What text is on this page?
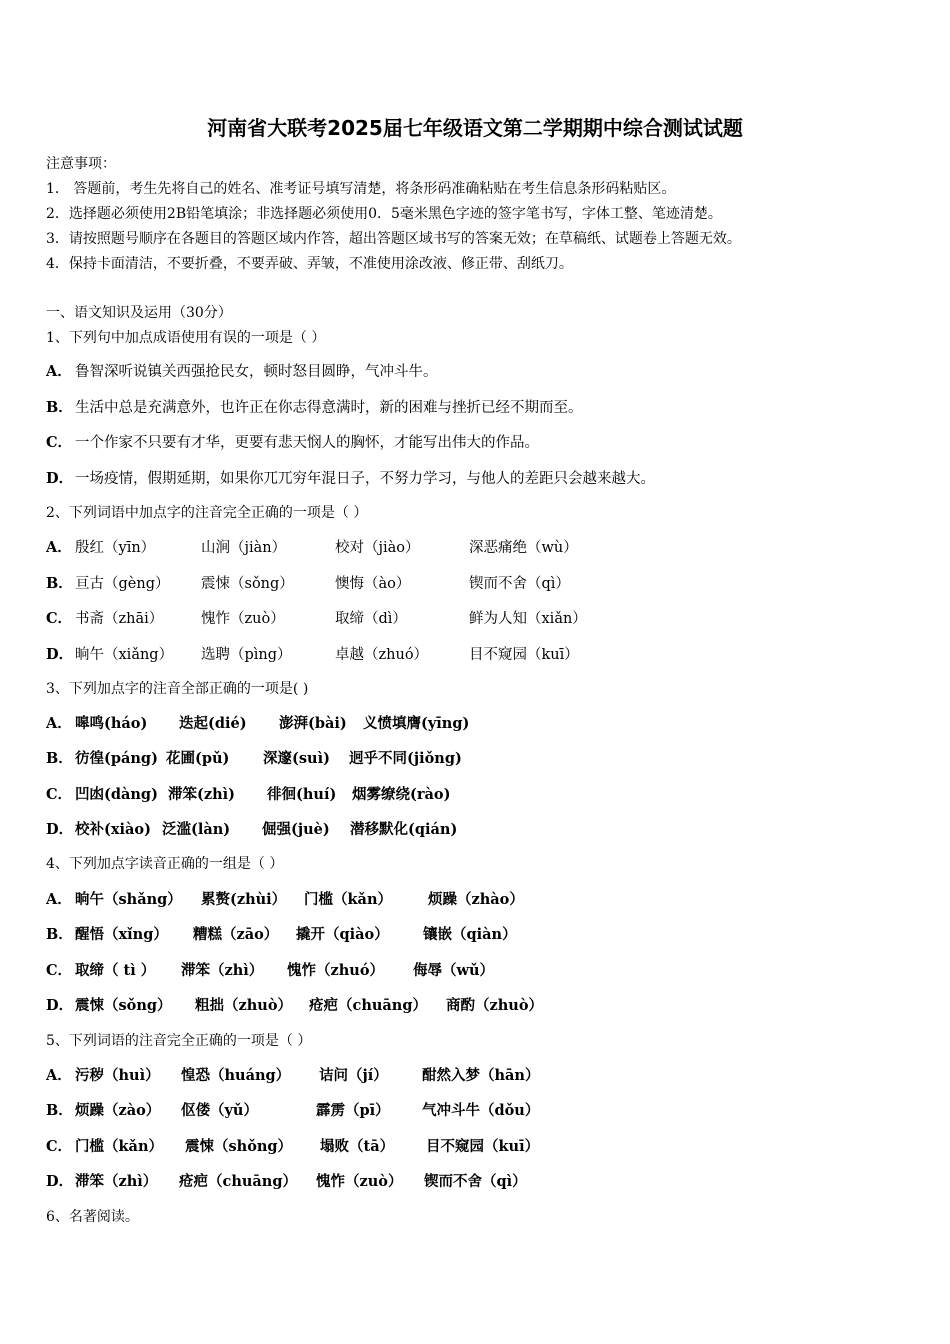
河南省大联考2025届七年级语文第二学期期中综合测试试题
注意事项：
1． 答题前，考生先将自己的姓名、准考证号填写清楚，将条形码准确粘贴在考生信息条形码粘贴区。
2．选择题必须使用2B铅笔填涂；非选择题必须使用0．5毫米黑色字迹的签字笔书写，字体工整、笔迹清楚。
3．请按照题号顺序在各题目的答题区域内作答，超出答题区域书写的答案无效；在草稿纸、试题卷上答题无效。
4．保持卡面清洁，不要折叠，不要弄破、弄皱，不准使用涂改液、修正带、刮纸刀。
一、语文知识及运用（30分）
1、下列句中加点成语使用有误的一项是（ ）
A． 鲁智深听说镇关西强抢民女，顿时怒目圆睁，气冲斗牛。
B． 生活中总是充满意外，也许正在你志得意满时，新的困难与挫折已经不期而至。
C． 一个作家不只要有才华，更要有悲天悯人的胸怀，才能写出伟大的作品。
D． 一场疫情，假期延期，如果你兀兀穷年混日子，不努力学习，与他人的差距只会越来越大。
2、下列词语中加点字的注音完全正确的一项是（ ）
A． 殷红（yīn）	山涧（jiàn）	校对（jiào）	深恶痛绝（wù）
B． 亘古（gèng） 震悚（sǒng）	懊悔（ào）	锲而不舍（qì）
C． 书斋（zhāi）	愧怍（zuò）	取缔（dì）	鲜为人知（xiǎn）
D． 晌午（xiǎng） 选聘（pìng）	卓越（zhuó）	目不窥园（kuī）
3、下列加点字的注音全部正确的一项是( )
A． 嗥鸣(háo) 迭起(dié) 澎湃(bài) 义愤填膺(yīng)
B． 彷徨(páng) 花圃(pǔ) 深邃(suì) 迥乎不同(jiǒng)
C． 凹凼(dàng) 滞笨(zhì) 徘徊(huí) 烟雾缭绕(rào)
D． 校补(xiào) 泛滥(làn) 倔强(juè) 潜移默化(qián)
4、下列加点字读音正确的一组是（ ）
A． 晌午（shǎng） 累赘(zhùi） 门槛（kǎn） 烦躁（zhào）
B． 醒悟（xǐng） 糟糕（zāo） 撬开（qiào） 镶嵌（qiàn）
C． 取缔（ tì ） 滞笨（zhì） 愧怍（zhuó） 侮辱（wǔ）
D． 震悚（sǒng） 粗拙（zhuò） 疮疤（chuāng） 商酌（zhuò）
5、下列词语的注音完全正确的一项是（ ）
A． 污秽（huì） 惶恐（huáng） 诘问（jí） 酣然入梦（hān）
B． 烦躁（zào） 伛偻（yǔ）	霹雳（pī） 气冲斗牛（dǒu）
C． 门槛（kǎn） 震悚（shǒng） 塌败（tā） 目不窥园（kuī）
D． 滞笨（zhì） 疮疤（chuāng） 愧怍（zuò） 锲而不舍（qì）
6、名著阅读。
